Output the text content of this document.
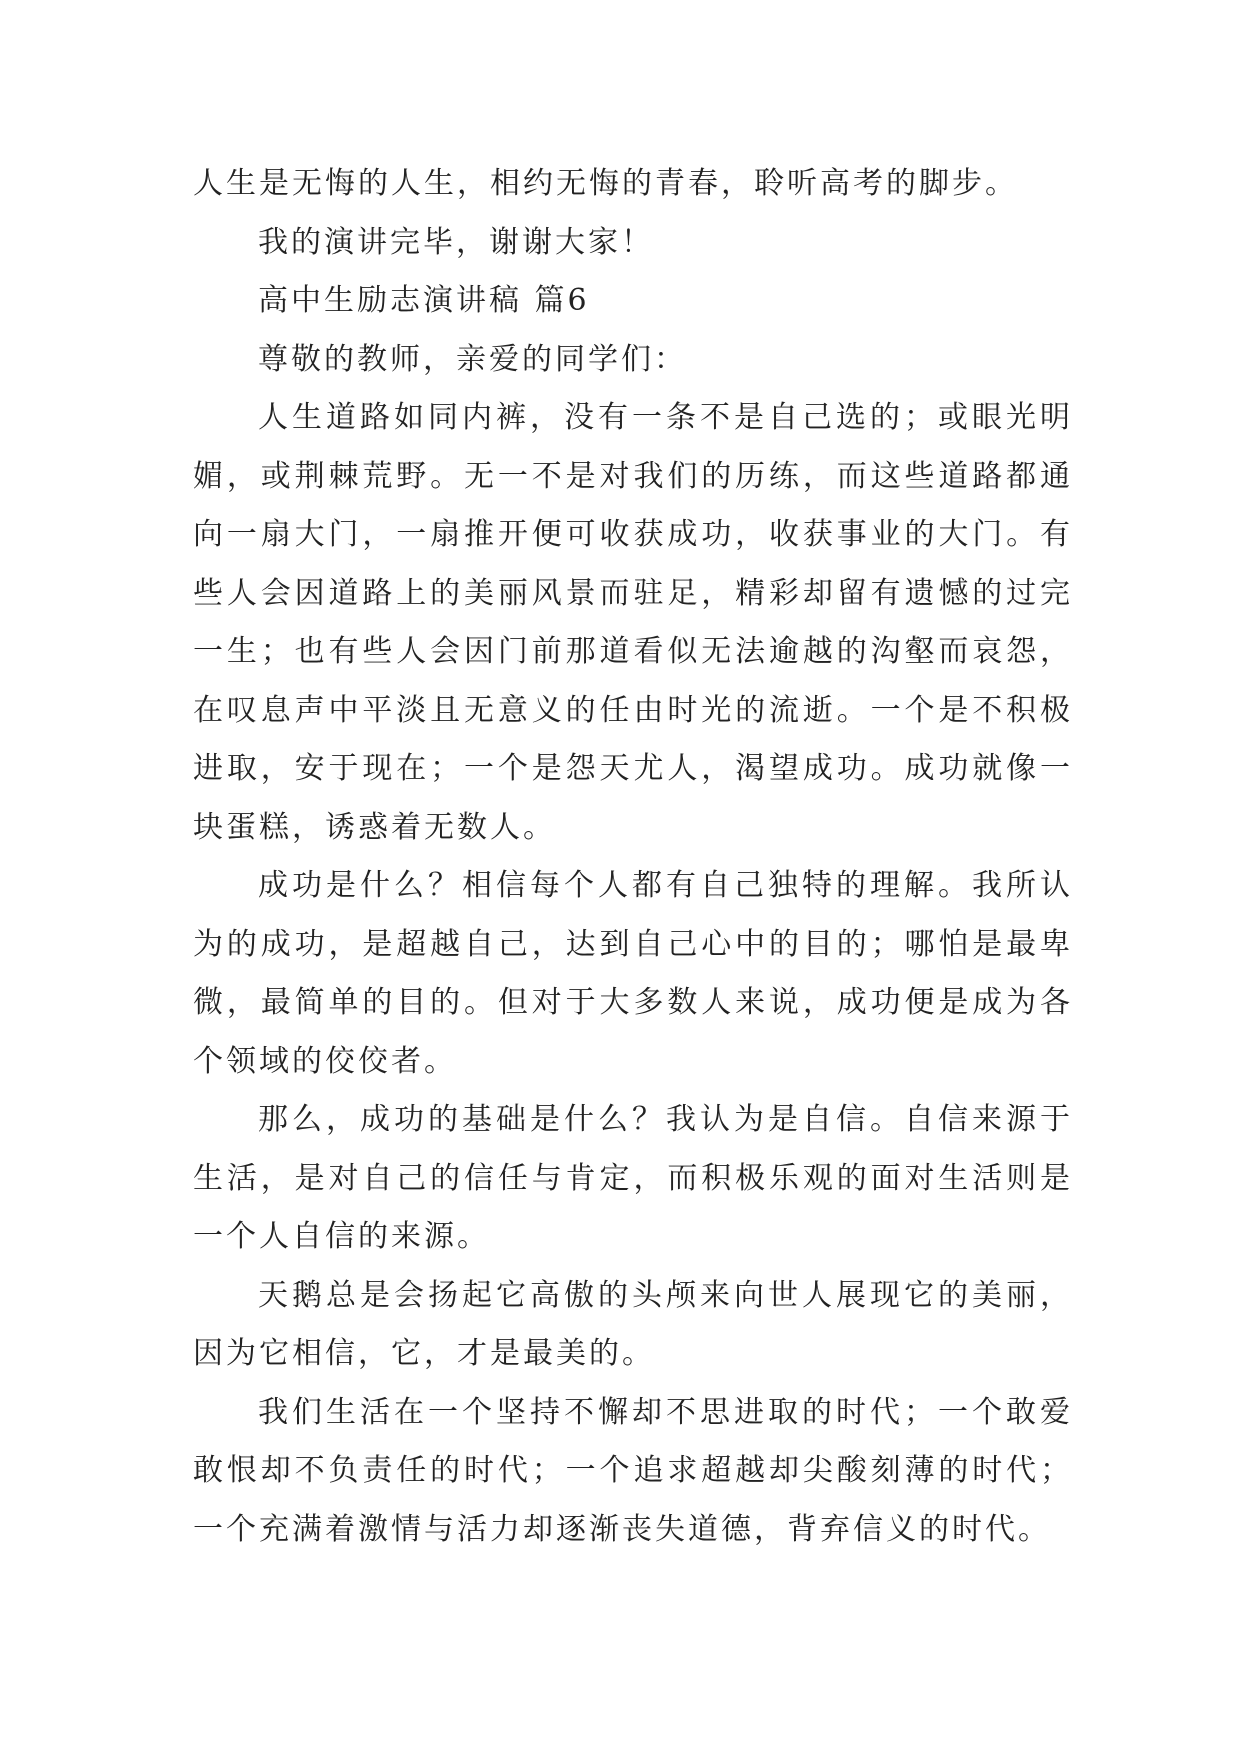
人生是无悔的人生，相约无悔的青春，聆听高考的脚步。

我的演讲完毕，谢谢大家！

高中生励志演讲稿 篇6

尊敬的教师，亲爱的同学们：

人生道路如同内裤，没有一条不是自己选的；或眼光明媚，或荆棘荒野。无一不是对我们的历练，而这些道路都通向一扇大门，一扇推开便可收获成功，收获事业的大门。有些人会因道路上的美丽风景而驻足，精彩却留有遗憾的过完一生；也有些人会因门前那道看似无法逾越的沟壑而哀怨，在叹息声中平淡且无意义的任由时光的流逝。一个是不积极进取，安于现在；一个是怨天尤人，渴望成功。成功就像一块蛋糕，诱惑着无数人。

成功是什么？相信每个人都有自己独特的理解。我所认为的成功，是超越自己，达到自己心中的目的；哪怕是最卑微，最简单的目的。但对于大多数人来说，成功便是成为各个领域的佼佼者。

那么，成功的基础是什么？我认为是自信。自信来源于生活，是对自己的信任与肯定，而积极乐观的面对生活则是一个人自信的来源。

天鹅总是会扬起它高傲的头颅来向世人展现它的美丽，因为它相信，它，才是最美的。

我们生活在一个坚持不懈却不思进取的时代；一个敢爱敢恨却不负责任的时代；一个追求超越却尖酸刻薄的时代；一个充满着激情与活力却逐渐丧失道德，背弃信义的时代。
